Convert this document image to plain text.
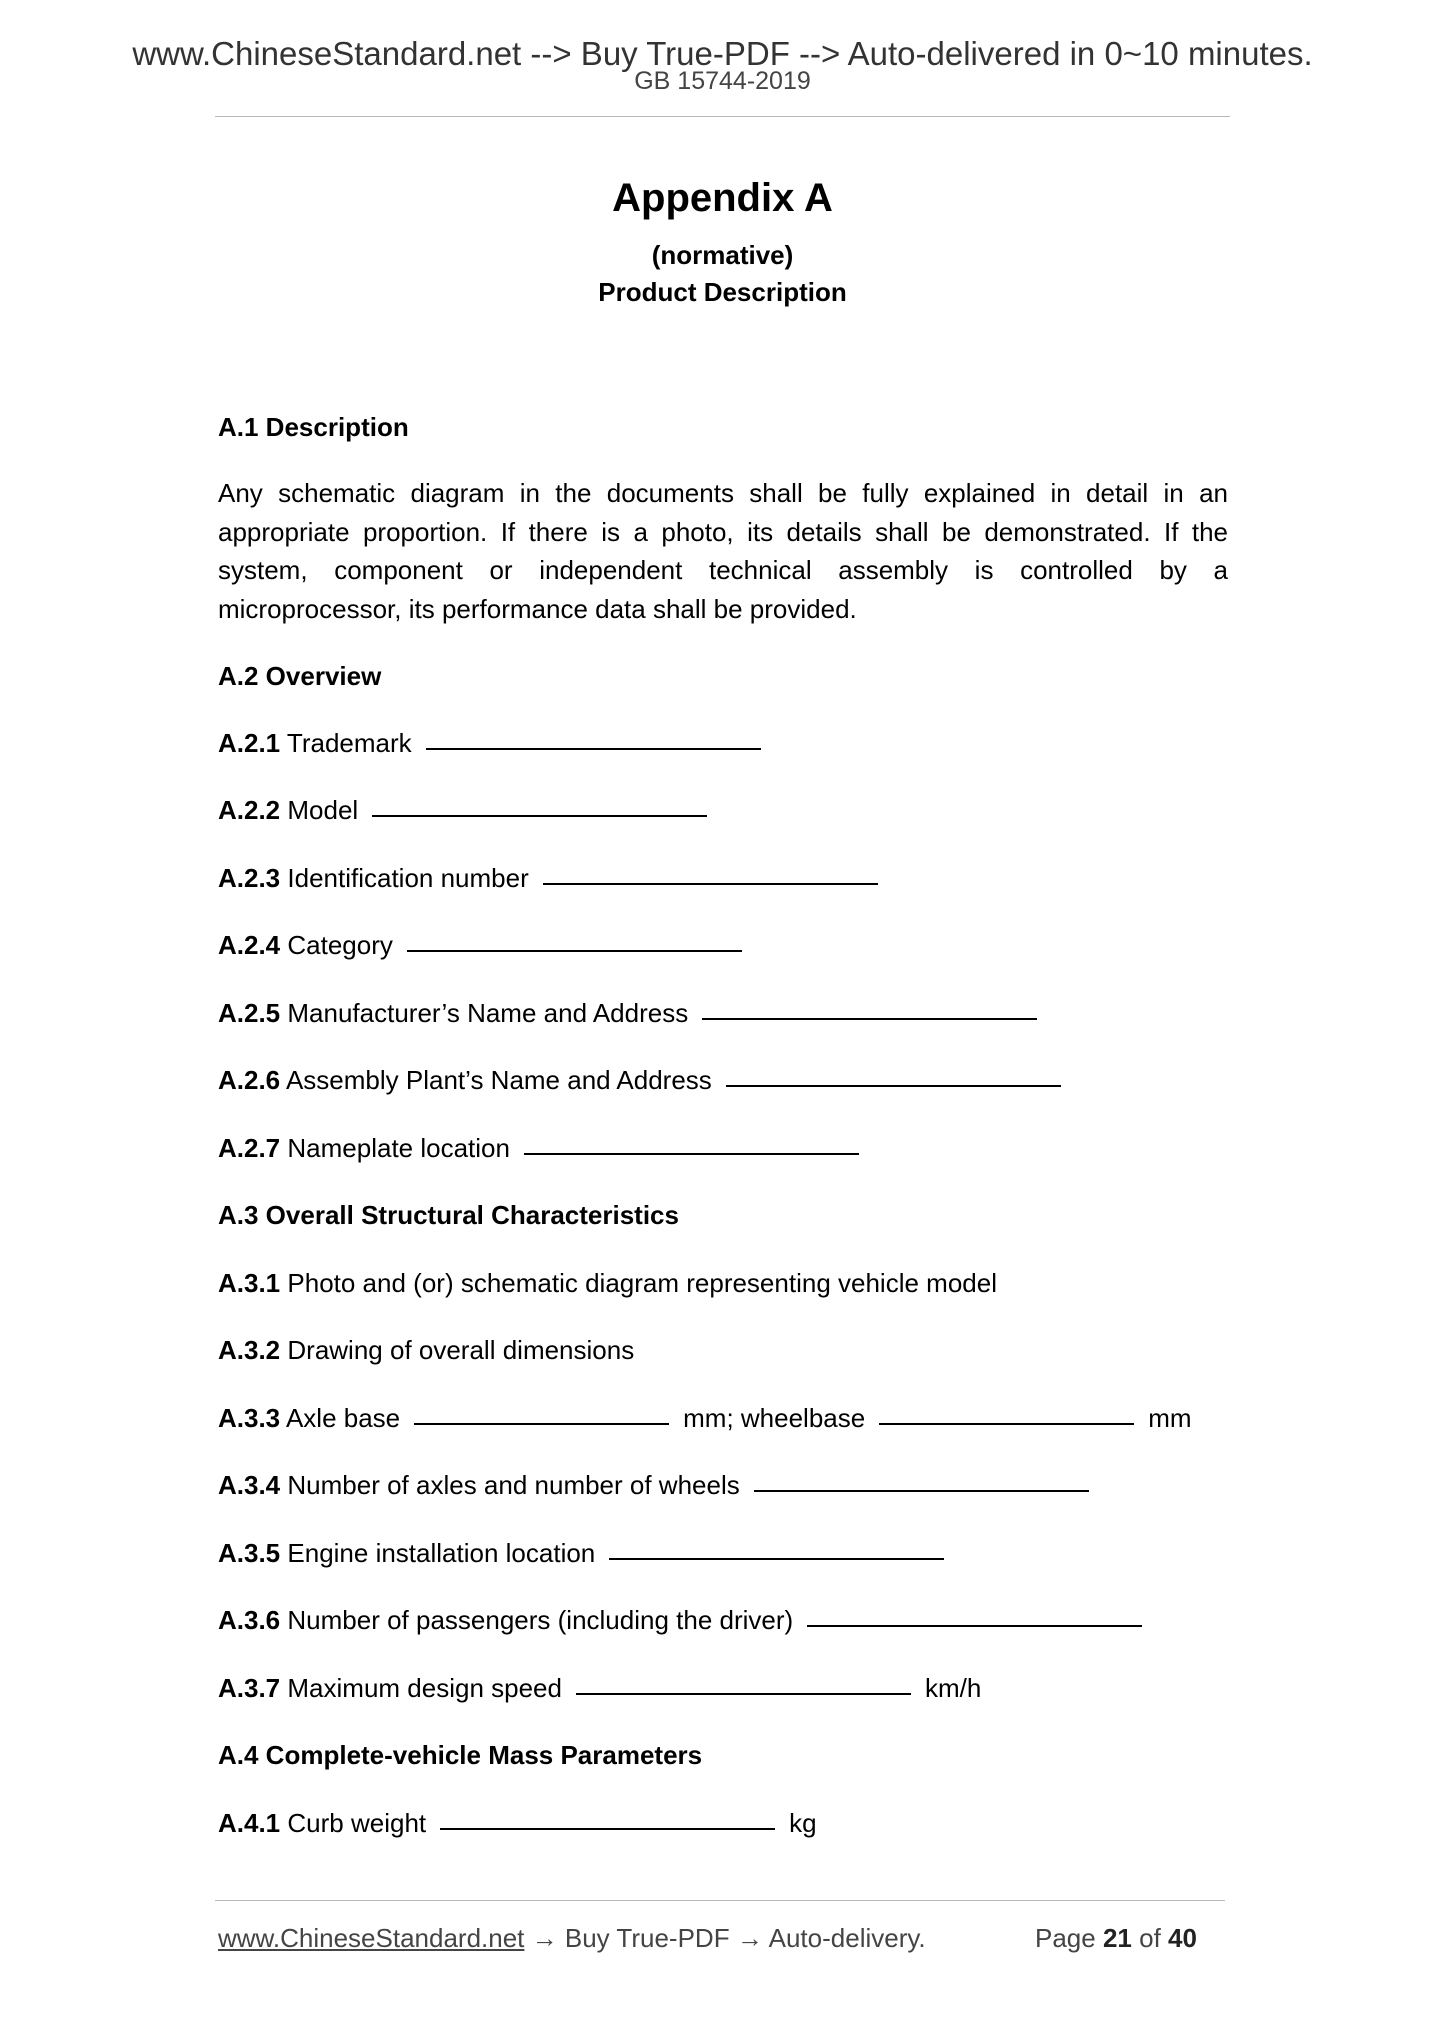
www.ChineseStandard.net --> Buy True-PDF --> Auto-delivered in 0~10 minutes.
GB 15744-2019
Appendix A
(normative)
Product Description
A.1 Description
Any schematic diagram in the documents shall be fully explained in detail in an appropriate proportion. If there is a photo, its details shall be demonstrated. If the system, component or independent technical assembly is controlled by a microprocessor, its performance data shall be provided.
A.2 Overview
A.2.1 Trademark
A.2.2 Model
A.2.3 Identification number
A.2.4 Category
A.2.5 Manufacturer’s Name and Address
A.2.6 Assembly Plant’s Name and Address
A.2.7 Nameplate location
A.3 Overall Structural Characteristics
A.3.1 Photo and (or) schematic diagram representing vehicle model
A.3.2 Drawing of overall dimensions
A.3.3 Axle base	mm; wheelbase	mm
A.3.4 Number of axles and number of wheels
A.3.5 Engine installation location
A.3.6 Number of passengers (including the driver)
A.3.7 Maximum design speed	km/h
A.4 Complete-vehicle Mass Parameters
A.4.1 Curb weight	kg
www.ChineseStandard.net → Buy True-PDF → Auto-delivery.	Page 21 of 40
